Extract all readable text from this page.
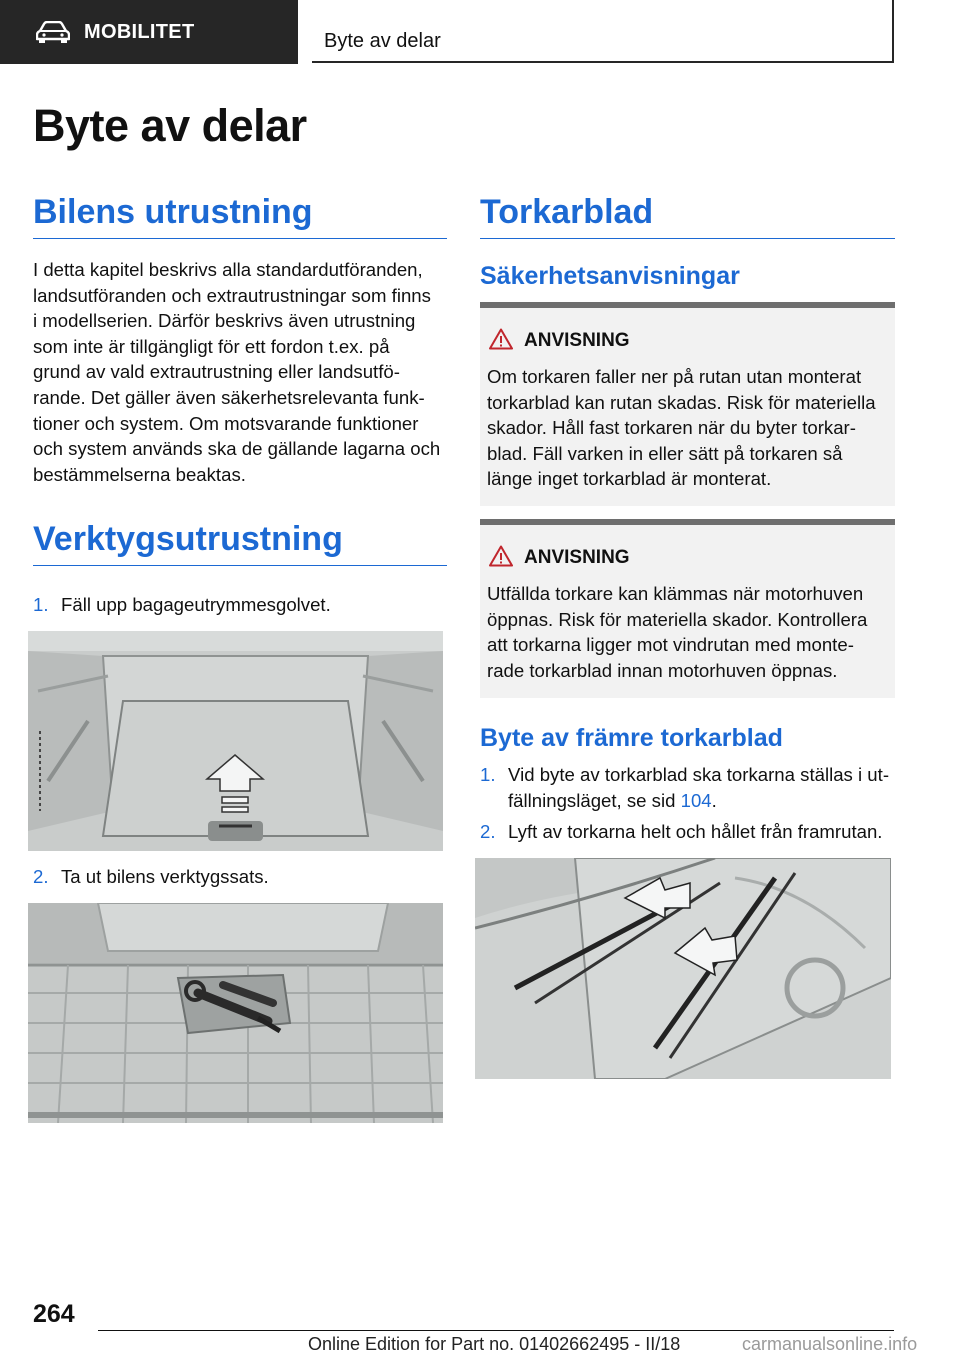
MOBILITET	Byte av delar
Byte av delar
Bilens utrustning
I detta kapitel beskrivs alla standardutföranden,
landsutföranden och extrautrustningar som finns
i modellserien. Därför beskrivs även utrustning
som inte är tillgängligt för ett fordon t.ex. på
grund av vald extrautrustning eller landsutfö‐
rande. Det gäller även säkerhetsrelevanta funk‐
tioner och system. Om motsvarande funktioner
och system används ska de gällande lagarna och
bestämmelserna beaktas.
Verktygsutrustning
1. Fäll upp bagageutrymmesgolvet.
2. Ta ut bilens verktygssats.
Torkarblad
Säkerhetsanvisningar
ANVISNING
Om torkaren faller ner på rutan utan monterat
torkarblad kan rutan skadas. Risk för materiella
skador. Håll fast torkaren när du byter torkar‐
blad. Fäll varken in eller sätt på torkaren så
länge inget torkarblad är monterat.
ANVISNING
Utfällda torkare kan klämmas när motorhuven
öppnas. Risk för materiella skador. Kontrollera
att torkarna ligger mot vindrutan med monte‐
rade torkarblad innan motorhuven öppnas.
Byte av främre torkarblad
1. Vid byte av torkarblad ska torkarna ställas i ut‐
fällningsläget, se sid 104.
2. Lyft av torkarna helt och hållet från framrutan.
264
Online Edition for Part no. 01402662495 - II/18	carmanualsonline.info
